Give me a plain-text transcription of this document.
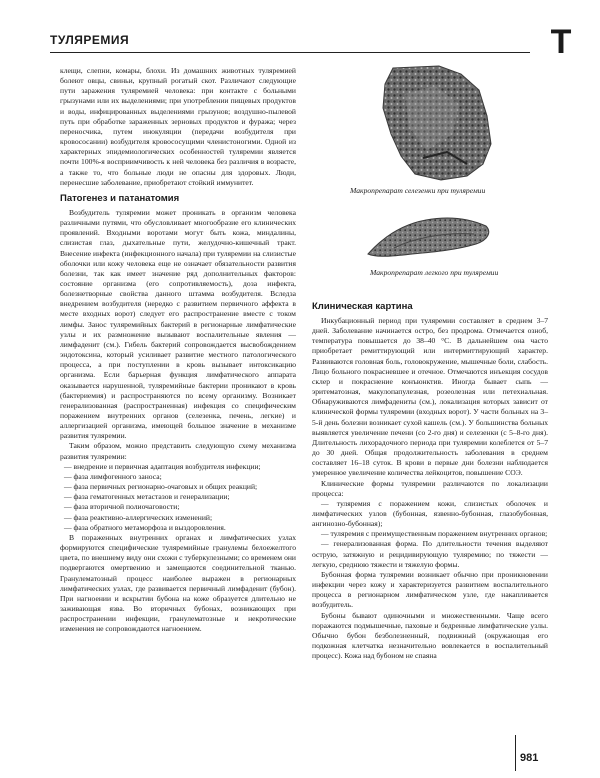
ТУЛЯРЕМИЯ	Т

клещи, слепни, комары, блохи. Из домашних животных туляремией болеют овцы, свиньи, крупный рогатый скот. Различают следующие пути заражения туляремией человека: при контакте с больными грызунами или их выделениями; при употреблении пищевых продуктов и воды, инфицированных выделениями грызунов; воздушно-пылевой путь при обработке зараженных зерновых продуктов и фуража; через переносчика, путем инокуляции (передачи возбудителя при кровососании) возбудителя кровососущими членистоногими. Одной из характерных эпидемиологических особенностей туляремии является почти 100%-я восприимчивость к ней человека без различия в возрасте, а также то, что больные люди не опасны для здоровых. Люди, перенесшие заболевание, приобретают стойкий иммунитет.

Патогенез и патанатомия

Возбудитель туляремии может проникать в организм человека различными путями, что обусловливает многообразие его клинических проявлений. Входными воротами могут быть кожа, миндалины, слизистая глаз, дыхательные пути, желудочно-кишечный тракт. Внесение инфекта (инфекционного начала) при туляремии на слизистые оболочки или кожу человека еще не означает обязательности развития болезни, так как имеет значение ряд дополнительных факторов: состояние организма (его сопротивляемость), доза инфекта, болезнетворные свойства данного штамма возбудителя. Вследза внедрением возбудителя (нередко с развитием первичного аффекта в месте входных ворот) следует его распространение вместе с током лимфы. Занос туляремийных бактерий в регионарные лимфатические узлы и их размножение вызывают воспалительные явления — лимфаденит (см.). Гибель бактерий сопровождается высвобождением эндотоксина, который усиливает развитие местного патологического процесса, а при поступлении в кровь вызывает интоксикацию организма. Если барьерная функция лимфатического аппарата оказывается нарушенной, туляремийные бактерии проникают в кровь (бактериемия) и распространяются по всему организму. Возникает генерализованная (распространенная) инфекция со специфическим поражением внутренних органов (селезенка, печень, легкие) и аллергизацией организма, имеющей большое значение в механизме развития туляремии.

Таким образом, можно представить следующую схему механизма развития туляремии:

— внедрение и первичная адаптация возбудителя инфекции;

— фаза лимфогенного заноса;

— фаза первичных регионарно-очаговых и общих реакций;

— фаза гематогенных метастазов и генерализации;

— фаза вторичной полиочаговости;

— фаза реактивно-аллергических изменений;

— фаза обратного метаморфоза и выздоровления.

В пораженных внутренних органах и лимфатических узлах формируются специфические туляремийные гранулемы белоежелтого цвета, по внешнему виду они схожи с туберкулезными; со временем они подвергаются омертвению и замещаются соединительной тканью. Гранулематозный процесс наиболее выражен в регионарных лимфатических узлах, где развивается первичный лимфаденит (бубон). При нагноении и вскрытии бубона на коже образуется длительно не заживающая язва. Во вторичных бубонах, возникающих при распространении инфекции, гранулематозные и некротические изменения не сопровождаются нагноением.

Макропрепарат селезенки при туляремии
Макропрепарат легкого при туляремии
Клиническая картина

Инкубационный период при туляремии составляет в среднем 3–7 дней. Заболевание начинается остро, без продрома. Отмечается озноб, температура повышается до 38–40 °С. В дальнейшем она часто приобретает ремиттирующий или интермиттирующий характер. Развиваются головная боль, головокружение, мышечные боли, слабость. Лицо больного покрасневшее и отечное. Отмечаются инъекция сосудов склер и покраснение конъюнктив. Иногда бывает сыпь — эритематозная, макулопапулезная, розеолезная или петехиальная. Обнаруживаются лимфадениты (см.), локализация которых зависит от клинической формы туляремии (входных ворот). У части больных на 3–5-й день болезни возникает сухой кашель (см.). У большинства больных выявляется увеличение печени (со 2-го дня) и селезенки (с 5–8-го дня). Длительность лихорадочного периода при туляремии колеблется от 5–7 до 30 дней. Общая продолжительность заболевания в среднем составляет 16–18 суток. В крови в первые дни болезни наблюдается умеренное увеличение количества лейкоцитов, повышение СОЭ.

Клинические формы туляремии различаются по локализации процесса:

— туляремия с поражением кожи, слизистых оболочек и лимфатических узлов (бубонная, язвенно-бубонная, глазобубонная, ангинозно-бубонная);

— туляремия с преимущественным поражением внутренних органов;

— генерализованная форма. По длительности течения выделяют острую, затяжную и рецидивирующую туляремию; по тяжести — легкую, среднюю тяжести и тяжелую формы.

Бубонная форма туляремии возникает обычно при проникновении инфекции через кожу и характеризуется развитием воспалительного процесса в регионарном лимфатическом узле, где накапливается возбудитель.

Бубоны бывают одиночными и множественными. Чаще всего поражаются подмышечные, паховые и бедренные лимфатические узлы. Обычно бубон безболезненный, подвижный (окружающая его подкожная клетчатка незначительно вовлекается в воспалительный процесс). Кожа над бубоном не спаяна

981
